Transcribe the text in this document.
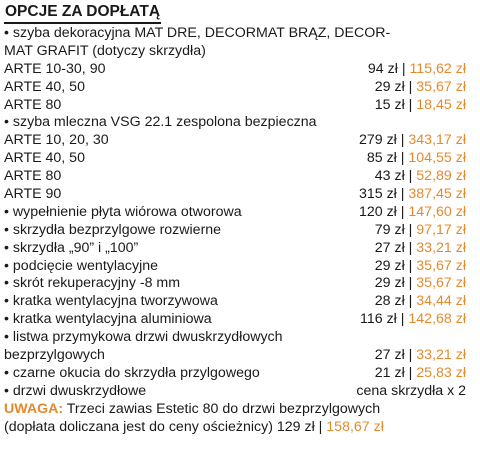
OPCJE ZA DOPŁATĄ
• szyba dekoracyjna MAT DRE, DECORMAT BRĄZ, DECOR-
MAT GRAFIT (dotyczy skrzydła)
ARTE 10-30, 90	94 zł | 115,62 zł
ARTE 40, 50	29 zł | 35,67 zł
ARTE 80	15 zł | 18,45 zł
• szyba mleczna VSG 22.1 zespolona bezpieczna
ARTE 10, 20, 30	279 zł | 343,17 zł
ARTE 40, 50	85 zł | 104,55 zł
ARTE 80	43 zł | 52,89 zł
ARTE 90	315 zł | 387,45 zł
• wypełnienie płyta wiórowa otworowa	120 zł | 147,60 zł
• skrzydła bezprzylgowe rozwierne	79 zł | 97,17 zł
• skrzydła „90” i „100”	27 zł | 33,21 zł
• podcięcie wentylacyjne	29 zł | 35,67 zł
• skrót rekuperacyjny -8 mm	29 zł | 35,67 zł
• kratka wentylacyjna tworzywowa	28 zł | 34,44 zł
• kratka wentylacyjna aluminiowa	116 zł | 142,68 zł
• listwa przymykowa drzwi dwuskrzydłowych
bezprzylgowych	27 zł | 33,21 zł
• czarne okucia do skrzydła przylgowego	21 zł | 25,83 zł
• drzwi dwuskrzydłowe	cena skrzydła x 2
UWAGA: Trzeci zawias Estetic 80 do drzwi bezprzylgowych
(dopłata doliczana jest do ceny ościeżnicy) 129 zł | 158,67 zł
